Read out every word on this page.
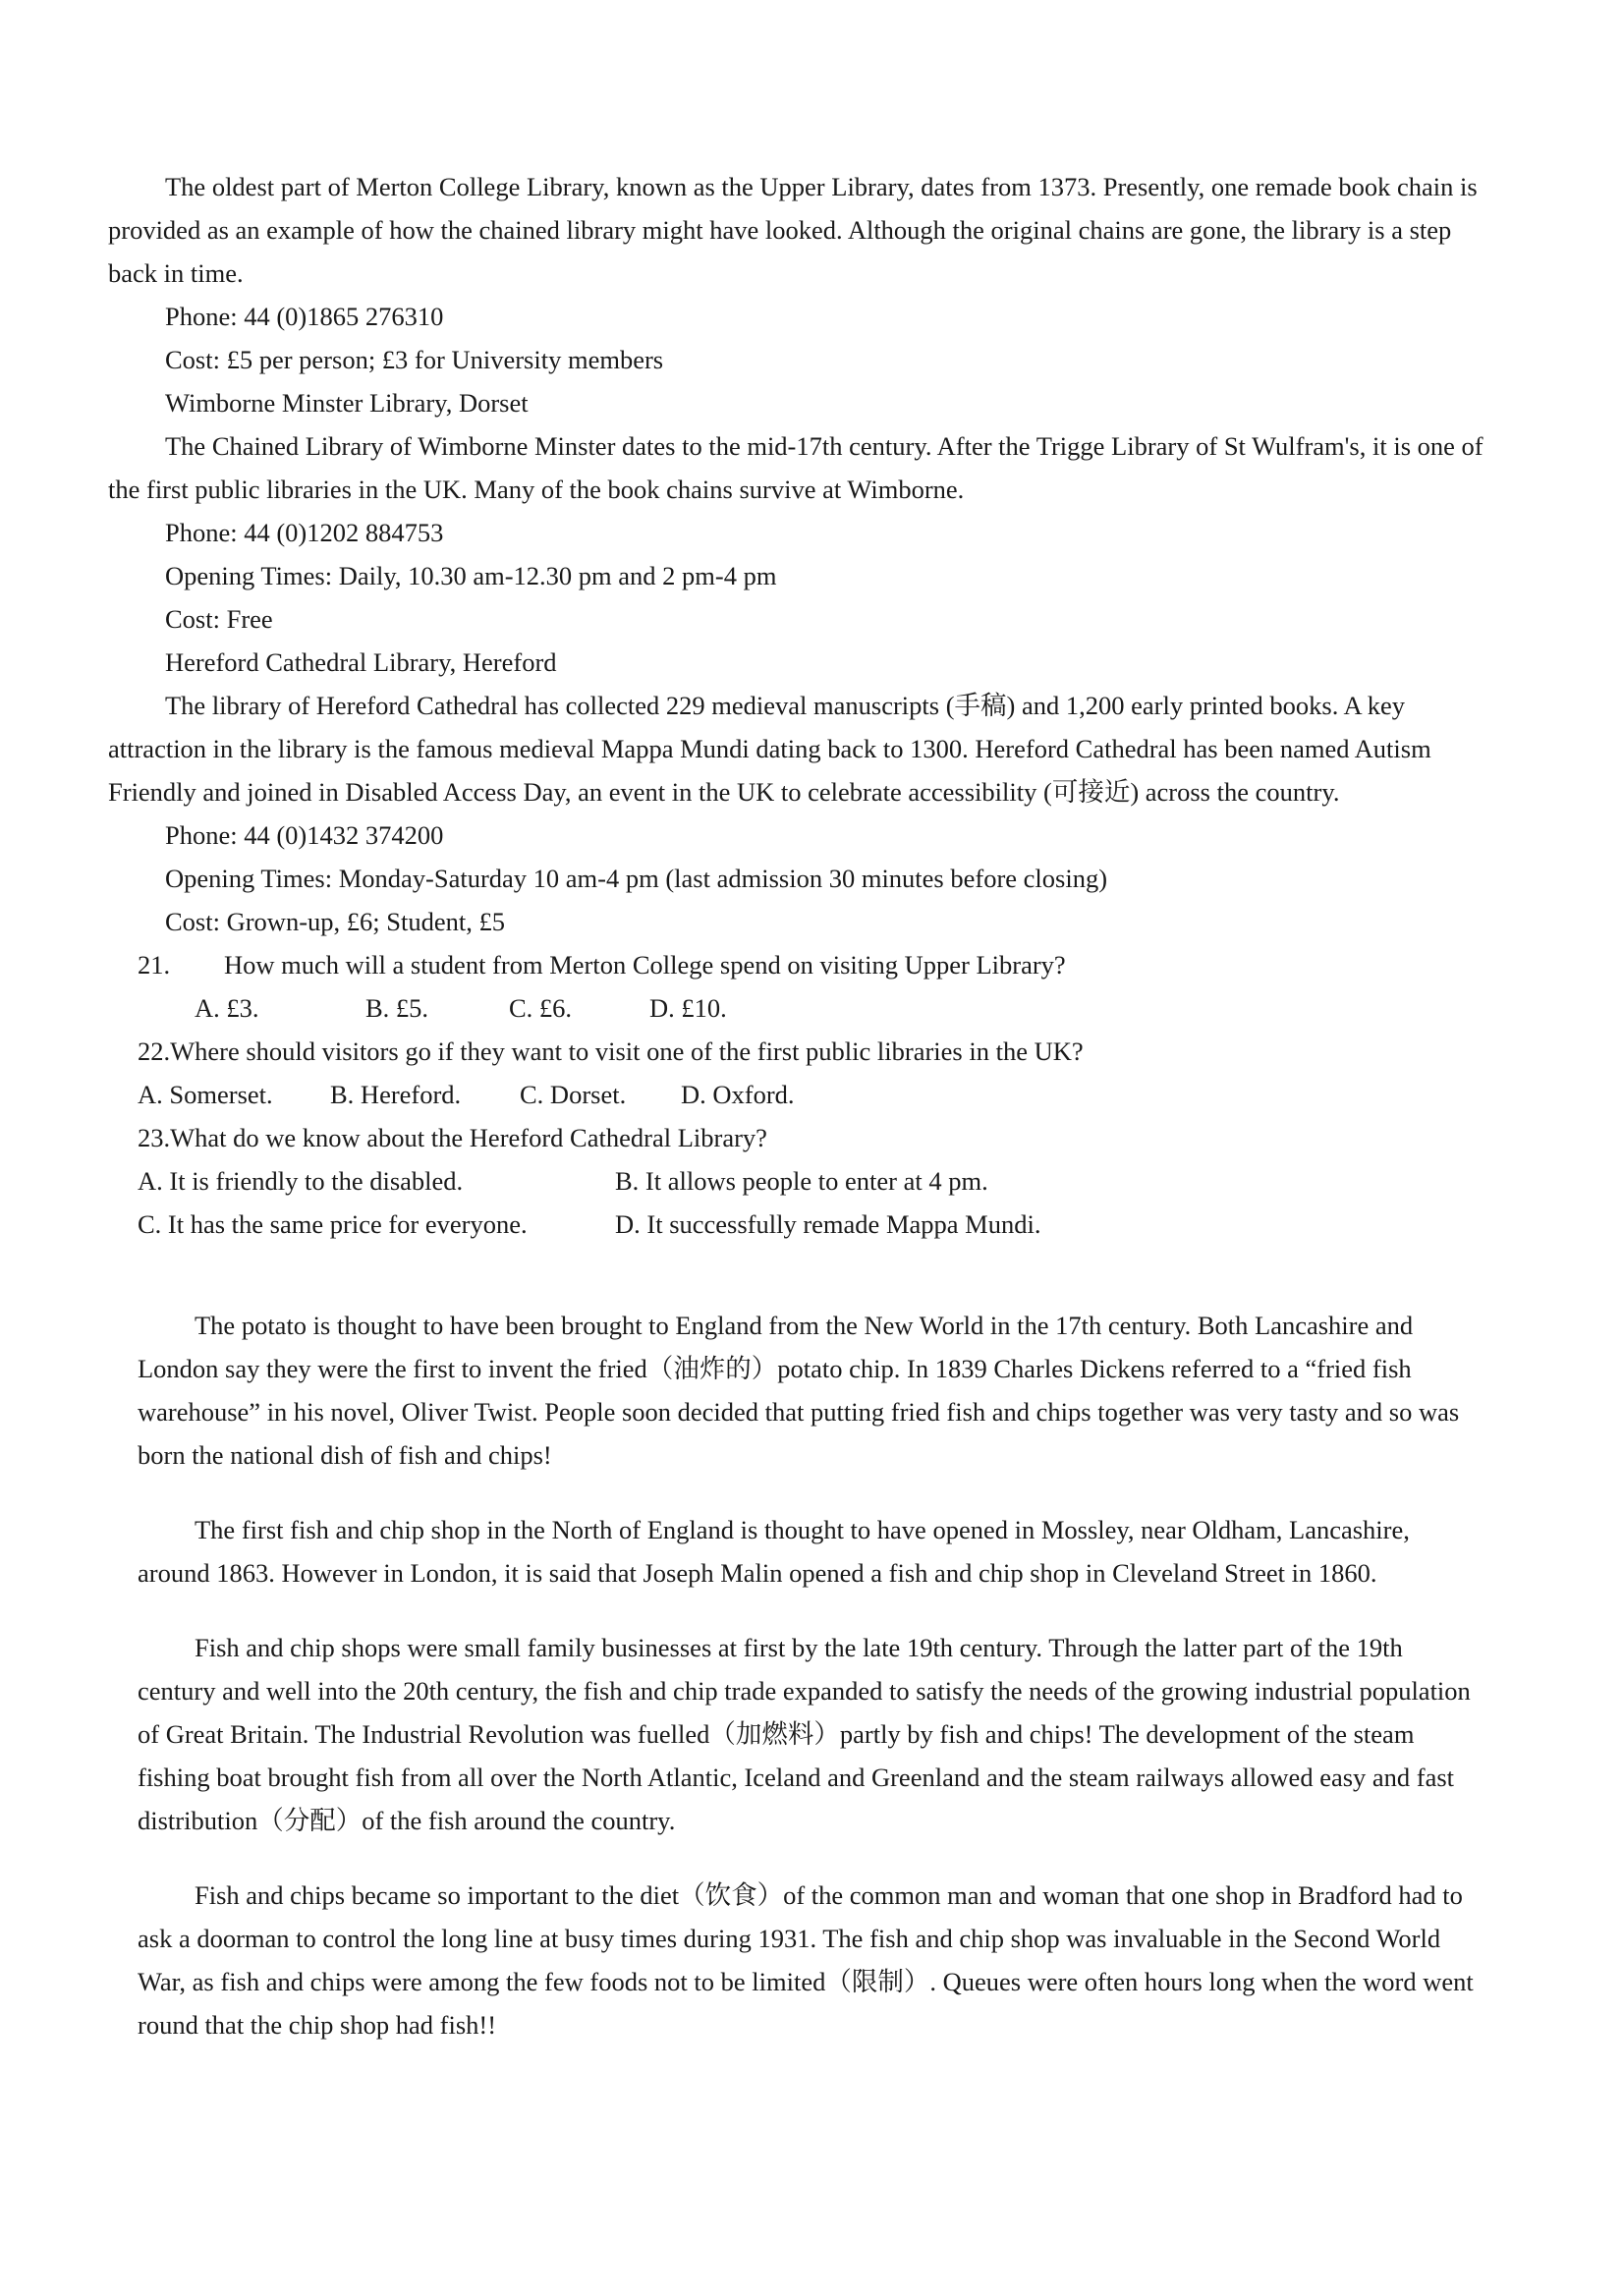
The oldest part of Merton College Library, known as the Upper Library, dates from 1373. Presently, one remade book chain is provided as an example of how the chained library might have looked. Although the original chains are gone, the library is a step back in time.

Phone: 44 (0)1865 276310

Cost: £5 per person; £3 for University members

Wimborne Minster Library, Dorset

The Chained Library of Wimborne Minster dates to the mid-17th century. After the Trigge Library of St Wulfram's, it is one of the first public libraries in the UK. Many of the book chains survive at Wimborne.

Phone: 44 (0)1202 884753

Opening Times: Daily, 10.30 am-12.30 pm and 2 pm-4 pm

Cost: Free

Hereford Cathedral Library, Hereford

The library of Hereford Cathedral has collected 229 medieval manuscripts (手稿) and 1,200 early printed books. A key attraction in the library is the famous medieval Mappa Mundi dating back to 1300. Hereford Cathedral has been named Autism Friendly and joined in Disabled Access Day, an event in the UK to celebrate accessibility (可接近) across the country.

Phone: 44 (0)1432 374200

Opening Times: Monday-Saturday 10 am-4 pm (last admission 30 minutes before closing)

Cost: Grown-up, £6; Student, £5

21. How much will a student from Merton College spend on visiting Upper Library?

A. £3.	B. £5.	C. £6.	D. £10.

22.Where should visitors go if they want to visit one of the first public libraries in the UK?

A. Somerset. B. Hereford. C. Dorset. D. Oxford.

23.What do we know about the Hereford Cathedral Library?

A. It is friendly to the disabled.	B. It allows people to enter at 4 pm.

C. It has the same price for everyone.	D. It successfully remade Mappa Mundi.

The potato is thought to have been brought to England from the New World in the 17th century. Both Lancashire and London say they were the first to invent the fried（油炸的）potato chip. In 1839 Charles Dickens referred to a “fried fish warehouse” in his novel, Oliver Twist. People soon decided that putting fried fish and chips together was very tasty and so was born the national dish of fish and chips!

The first fish and chip shop in the North of England is thought to have opened in Mossley, near Oldham, Lancashire, around 1863. However in London, it is said that Joseph Malin opened a fish and chip shop in Cleveland Street in 1860.

Fish and chip shops were small family businesses at first by the late 19th century. Through the latter part of the 19th century and well into the 20th century, the fish and chip trade expanded to satisfy the needs of the growing industrial population of Great Britain. The Industrial Revolution was fuelled（加燃料）partly by fish and chips! The development of the steam fishing boat brought fish from all over the North Atlantic, Iceland and Greenland and the steam railways allowed easy and fast distribution（分配）of the fish around the country.

Fish and chips became so important to the diet（饮食）of the common man and woman that one shop in Bradford had to ask a doorman to control the long line at busy times during 1931. The fish and chip shop was invaluable in the Second World War, as fish and chips were among the few foods not to be limited（限制）. Queues were often hours long when the word went round that the chip shop had fish!!
